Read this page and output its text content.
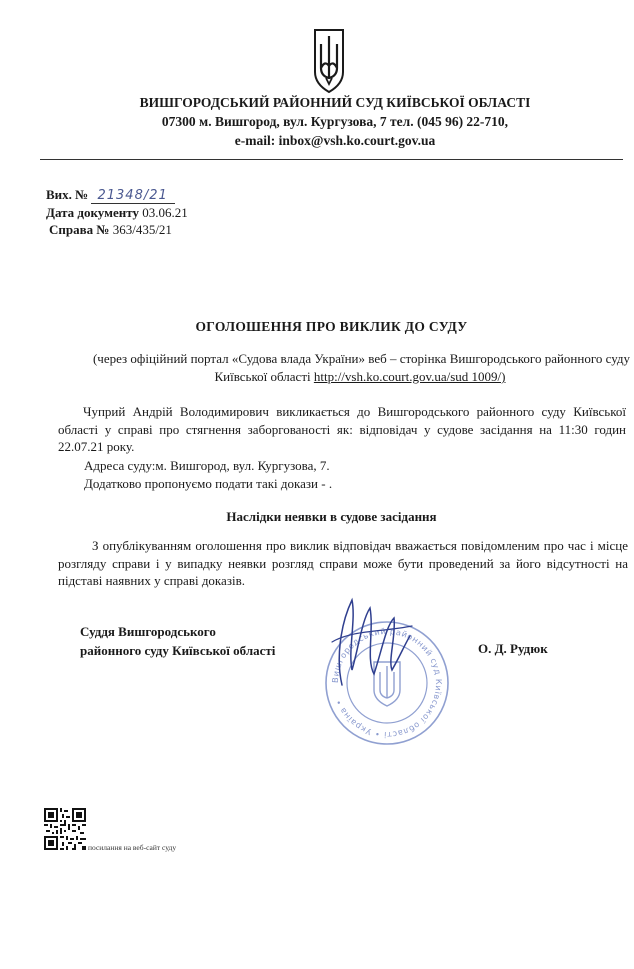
ВИШГОРОДСЬКИЙ РАЙОННИЙ СУД КИЇВСЬКОЇ ОБЛАСТІ
07300 м. Вишгород, вул. Кургузова, 7 тел. (045 96) 22-710,
e-mail: inbox@vsh.ko.court.gov.ua
Вих. № 21348/21
Дата документу 03.06.21
Справа № 363/435/21
ОГОЛОШЕННЯ ПРО ВИКЛИК ДО СУДУ
(через офіційний портал «Судова влада України» веб – сторінка Вишгородського районного суду
Київської області http://vsh.ko.court.gov.ua/sud 1009/)
Чуприй Андрій Володимирович викликається до Вишгородського районного суду Київської області у справі про стягнення заборгованості як: відповідач у судове засідання на 11:30 годин 22.07.21 року.
Адреса суду:м. Вишгород, вул. Кургузова, 7.
Додатково пропонуємо подати такі докази - .
Наслідки неявки в судове засідання
З опублікуванням оголошення про виклик відповідач вважається повідомленим про час і місце розгляду справи і у випадку неявки розгляд справи може бути проведений за його відсутності на підставі наявних у справі доказів.
Суддя Вишгородського
районного суду Київської області	О. Д. Рудюк
Вишгородський районний суд Київської області • Україна •
посилання на веб-сайт суду
